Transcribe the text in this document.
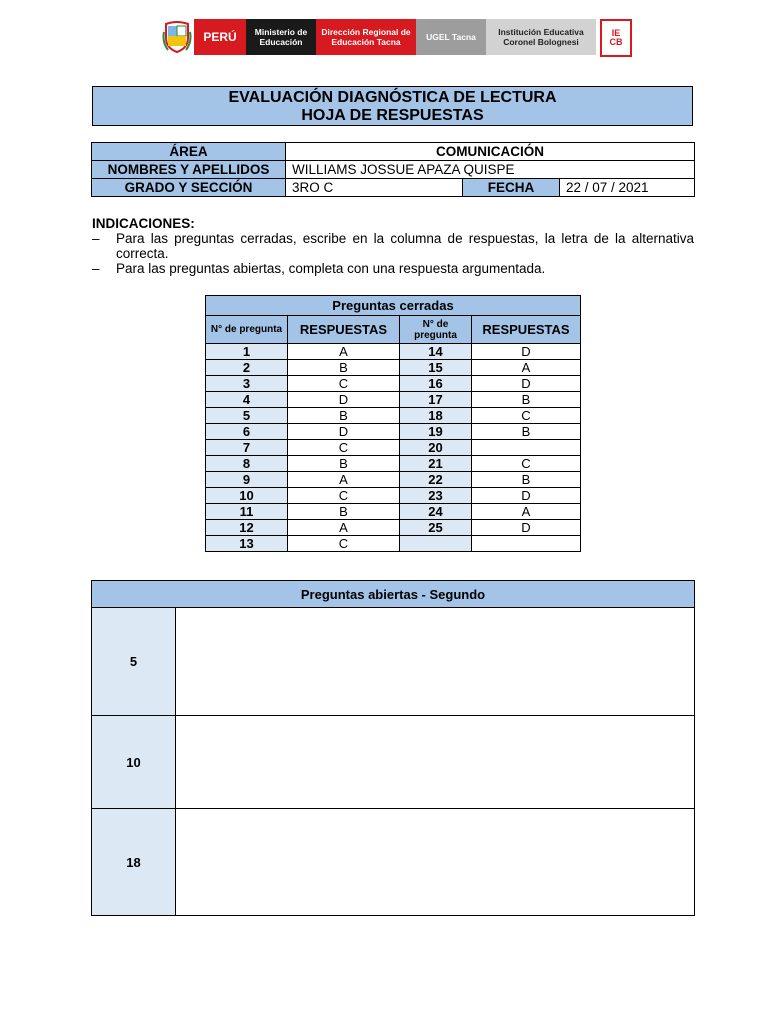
PERÚ	Ministerio de Educación
Dirección Regional de Educación Tacna	UGEL Tacna	Institución Educativa Coronel Bolognesi
IE
CB
EVALUACIÓN DIAGNÓSTICA DE LECTURA
HOJA DE RESPUESTAS
ÁREA	COMUNICACIÓN		
NOMBRES Y APELLIDOS	WILLIAMS JOSSUE APAZA QUISPE		
GRADO Y SECCIÓN	3RO C	FECHA	22 / 07 / 2021
INDICACIONES:
–	Para las preguntas cerradas, escribe en la columna de respuestas, la letra de la alternativa correcta.
–	Para las preguntas abiertas, completa con una respuesta argumentada.
Preguntas cerradas			
N° de pregunta	RESPUESTAS	N° de pregunta	RESPUESTAS
1	A	14	D
2	B	15	A
3	C	16	D
4	D	17	B
5	B	18	C
6	D	19	B
7	C	20	
8	B	21	C
9	A	22	B
10	C	23	D
11	B	24	A
12	A	25	D
13	C		
Preguntas abiertas - Segundo	
5	
10	
18	
